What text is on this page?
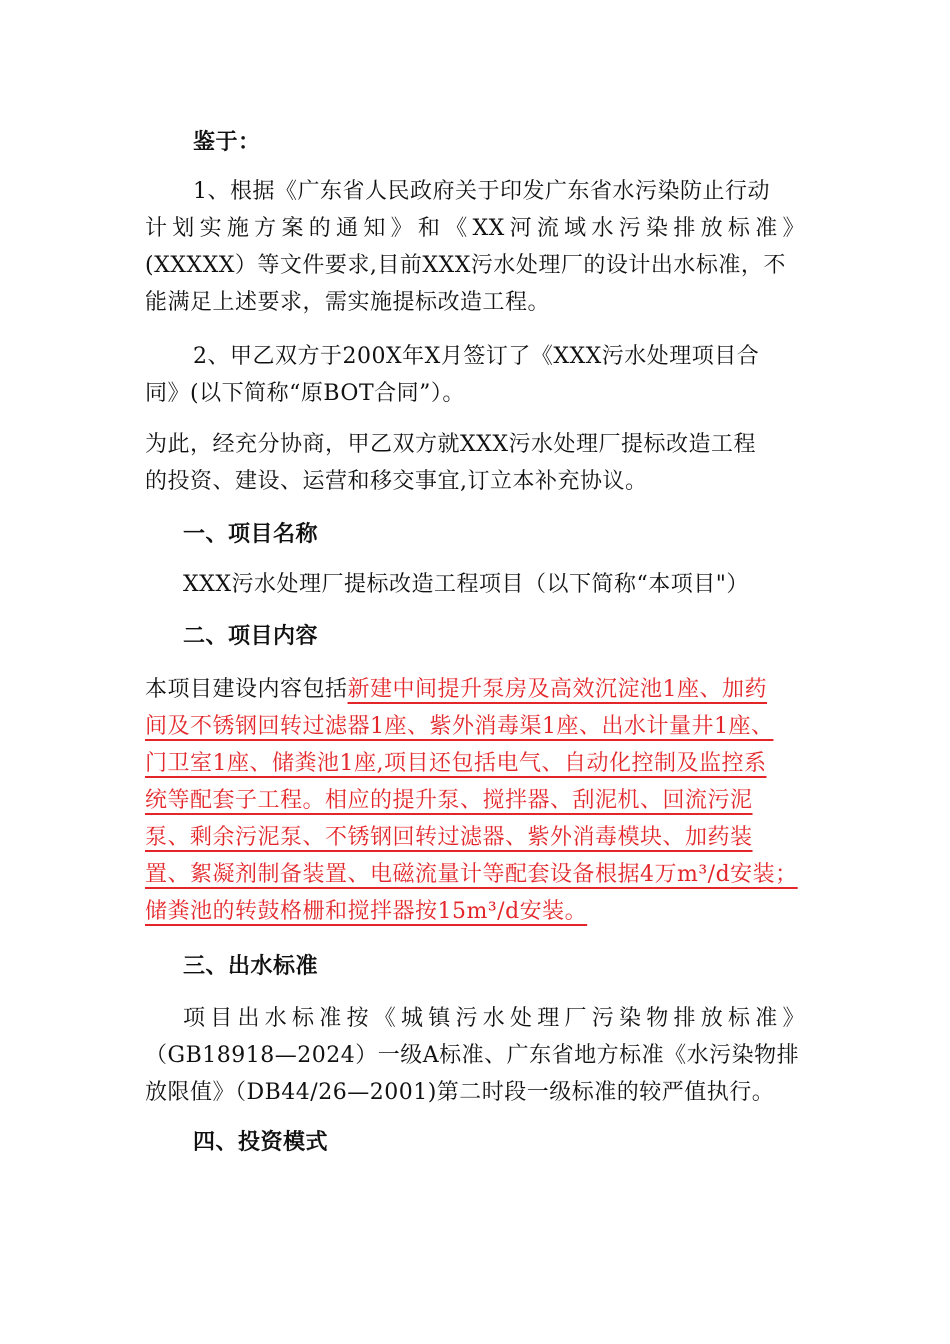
鉴于：
1、根据《广东省人民政府关于印发广东省水污染防止行动
计划实施方案的通知》和《XX河流域水污染排放标准》
(XXXXX）等文件要求,目前XXX污水处理厂的设计出水标准，不
能满足上述要求，需实施提标改造工程。
2、甲乙双方于200X年X月签订了《XXX污水处理项目合
同》(以下简称“原BOT合同”）。
为此，经充分协商，甲乙双方就XXX污水处理厂提标改造工程
的投资、建设、运营和移交事宜,订立本补充协议。
一、项目名称
XXX污水处理厂提标改造工程项目（以下简称“本项目"）
二、项目内容
本项目建设内容包括新建中间提升泵房及高效沉淀池1座、加药
间及不锈钢回转过滤器1座、紫外消毒渠1座、出水计量井1座、
门卫室1座、储粪池1座,项目还包括电气、自动化控制及监控系
统等配套子工程。相应的提升泵、搅拌器、刮泥机、回流污泥
泵、剩余污泥泵、不锈钢回转过滤器、紫外消毒模块、加药装
置、絮凝剂制备装置、电磁流量计等配套设备根据4万m³/d安装；
储粪池的转鼓格栅和搅拌器按15m³/d安装。
三、出水标准
项目出水标准按《城镇污水处理厂污染物排放标准》
（GB18918—2024）一级A标准、广东省地方标准《水污染物排
放限值》（DB44/26—2001)第二时段一级标准的较严值执行。
四、投资模式
